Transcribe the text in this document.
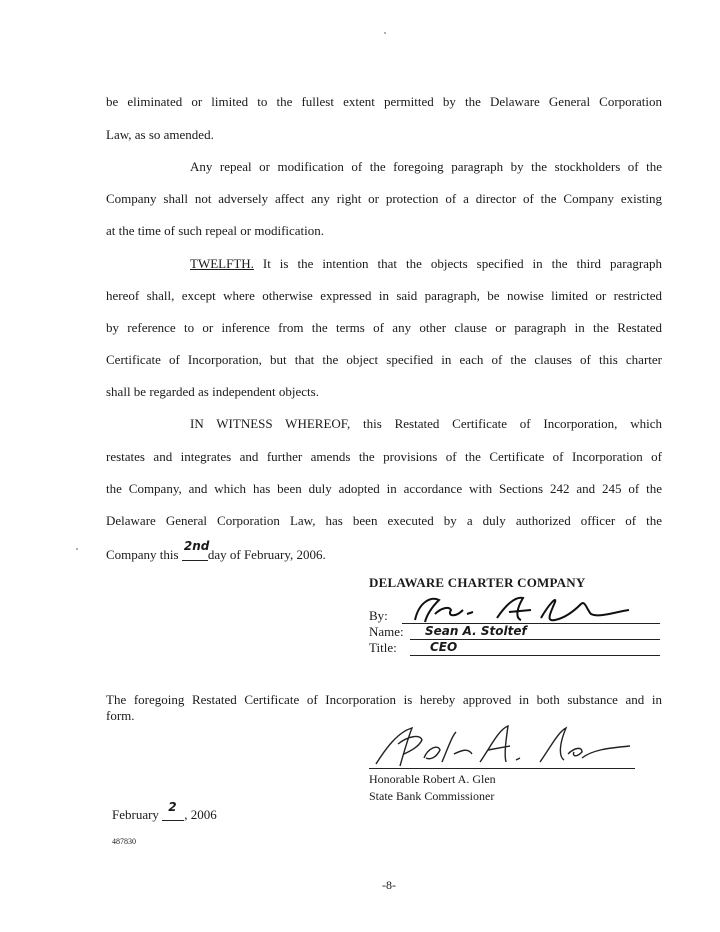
be eliminated or limited to the fullest extent permitted by the Delaware General Corporation
Law, as so amended.
Any repeal or modification of the foregoing paragraph by the stockholders of the
Company shall not adversely affect any right or protection of a director of the Company existing
at the time of such repeal or modification.
TWELFTH. It is the intention that the objects specified in the third paragraph
hereof shall, except where otherwise expressed in said paragraph, be nowise limited or restricted
by reference to or inference from the terms of any other clause or paragraph in the Restated
Certificate of Incorporation, but that the object specified in each of the clauses of this charter
shall be regarded as independent objects.
IN WITNESS WHEREOF, this Restated Certificate of Incorporation, which
restates and integrates and further amends the provisions of the Certificate of Incorporation of
the Company, and which has been duly adopted in accordance with Sections 242 and 245 of the
Delaware General Corporation Law, has been executed by a duly authorized officer of the
Company this
2nd
day of February, 2006.
DELAWARE CHARTER COMPANY
By:
Name: Sean A. Stoltef
Title:	CEO
The foregoing Restated Certificate of Incorporation is hereby approved in both substance and in
form.
Honorable Robert A. Glen
State Bank Commissioner
February 2 , 2006
487830
-8-
